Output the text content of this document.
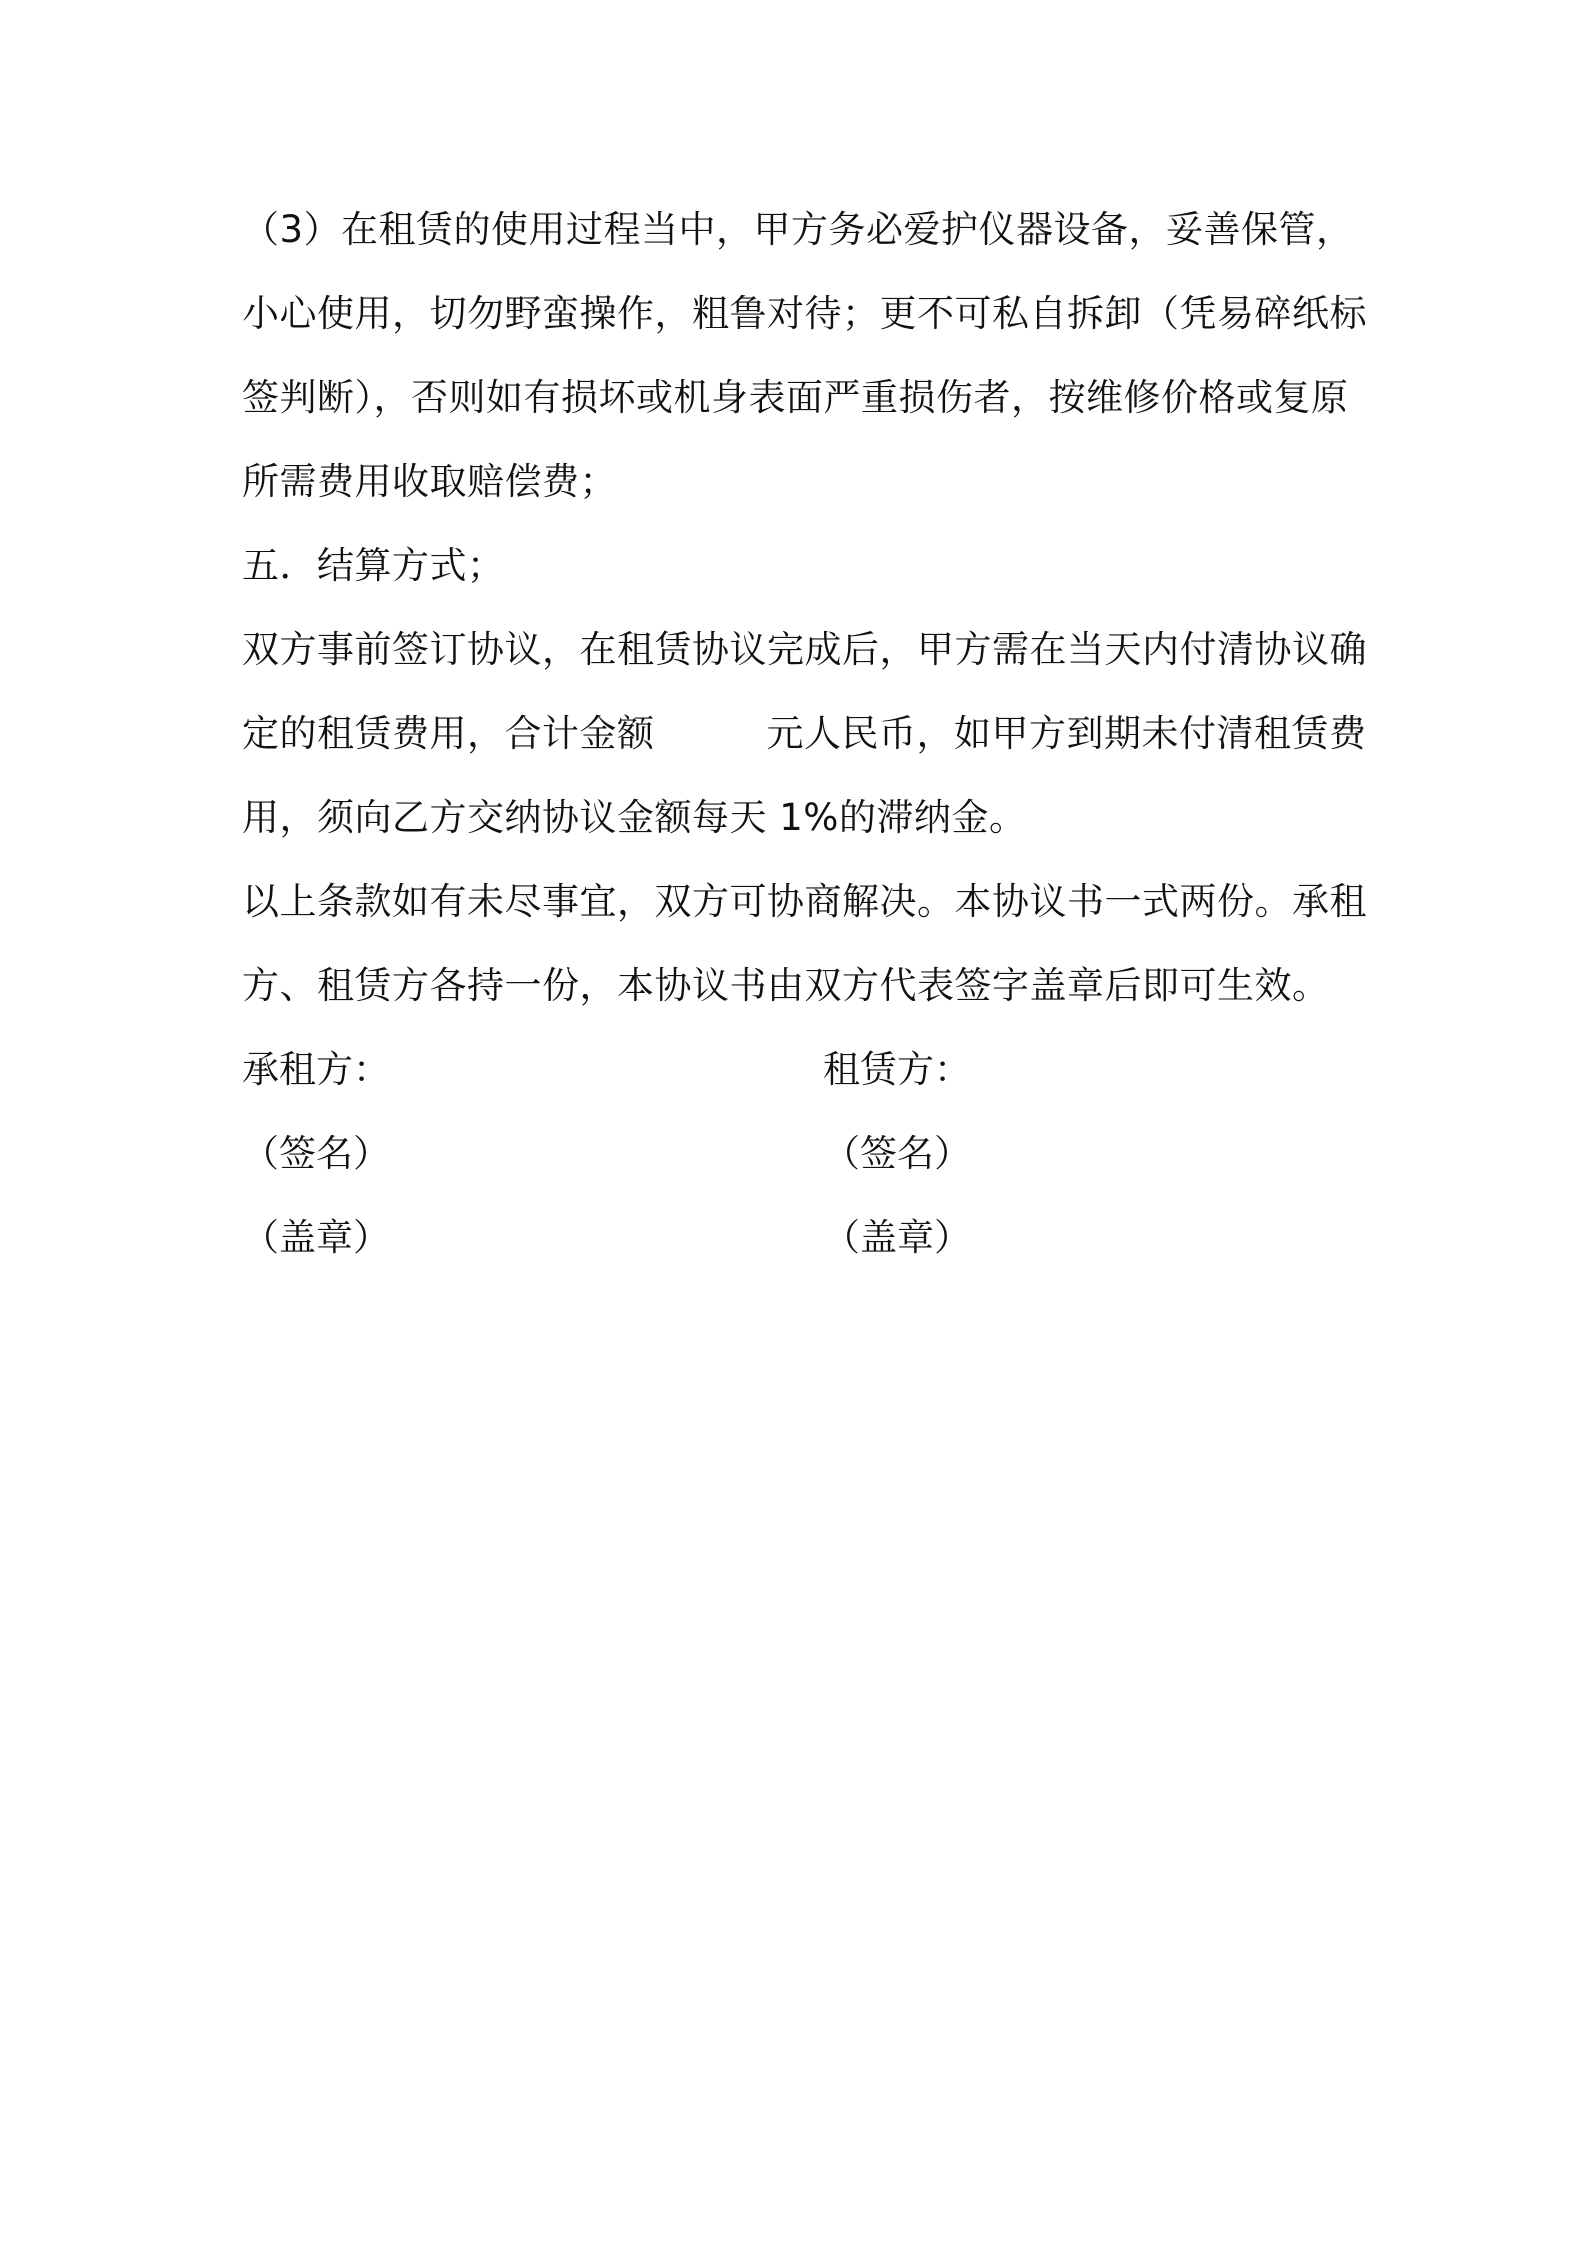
（3）在租赁的使用过程当中，甲方务必爱护仪器设备，妥善保管，
小心使用，切勿野蛮操作，粗鲁对待；更不可私自拆卸（凭易碎纸标
签判断），否则如有损坏或机身表面严重损伤者，按维修价格或复原
所需费用收取赔偿费；
五．结算方式；
双方事前签订协议，在租赁协议完成后，甲方需在当天内付清协议确
定的租赁费用，合计金额	元人民币，如甲方到期未付清租赁费
用，须向乙方交纳协议金额每天 1%的滞纳金。
以上条款如有未尽事宜，双方可协商解决。本协议书一式两份。承租
方、租赁方各持一份，本协议书由双方代表签字盖章后即可生效。
承租方：	租赁方：
（签名）	（签名）
（盖章）	（盖章）
